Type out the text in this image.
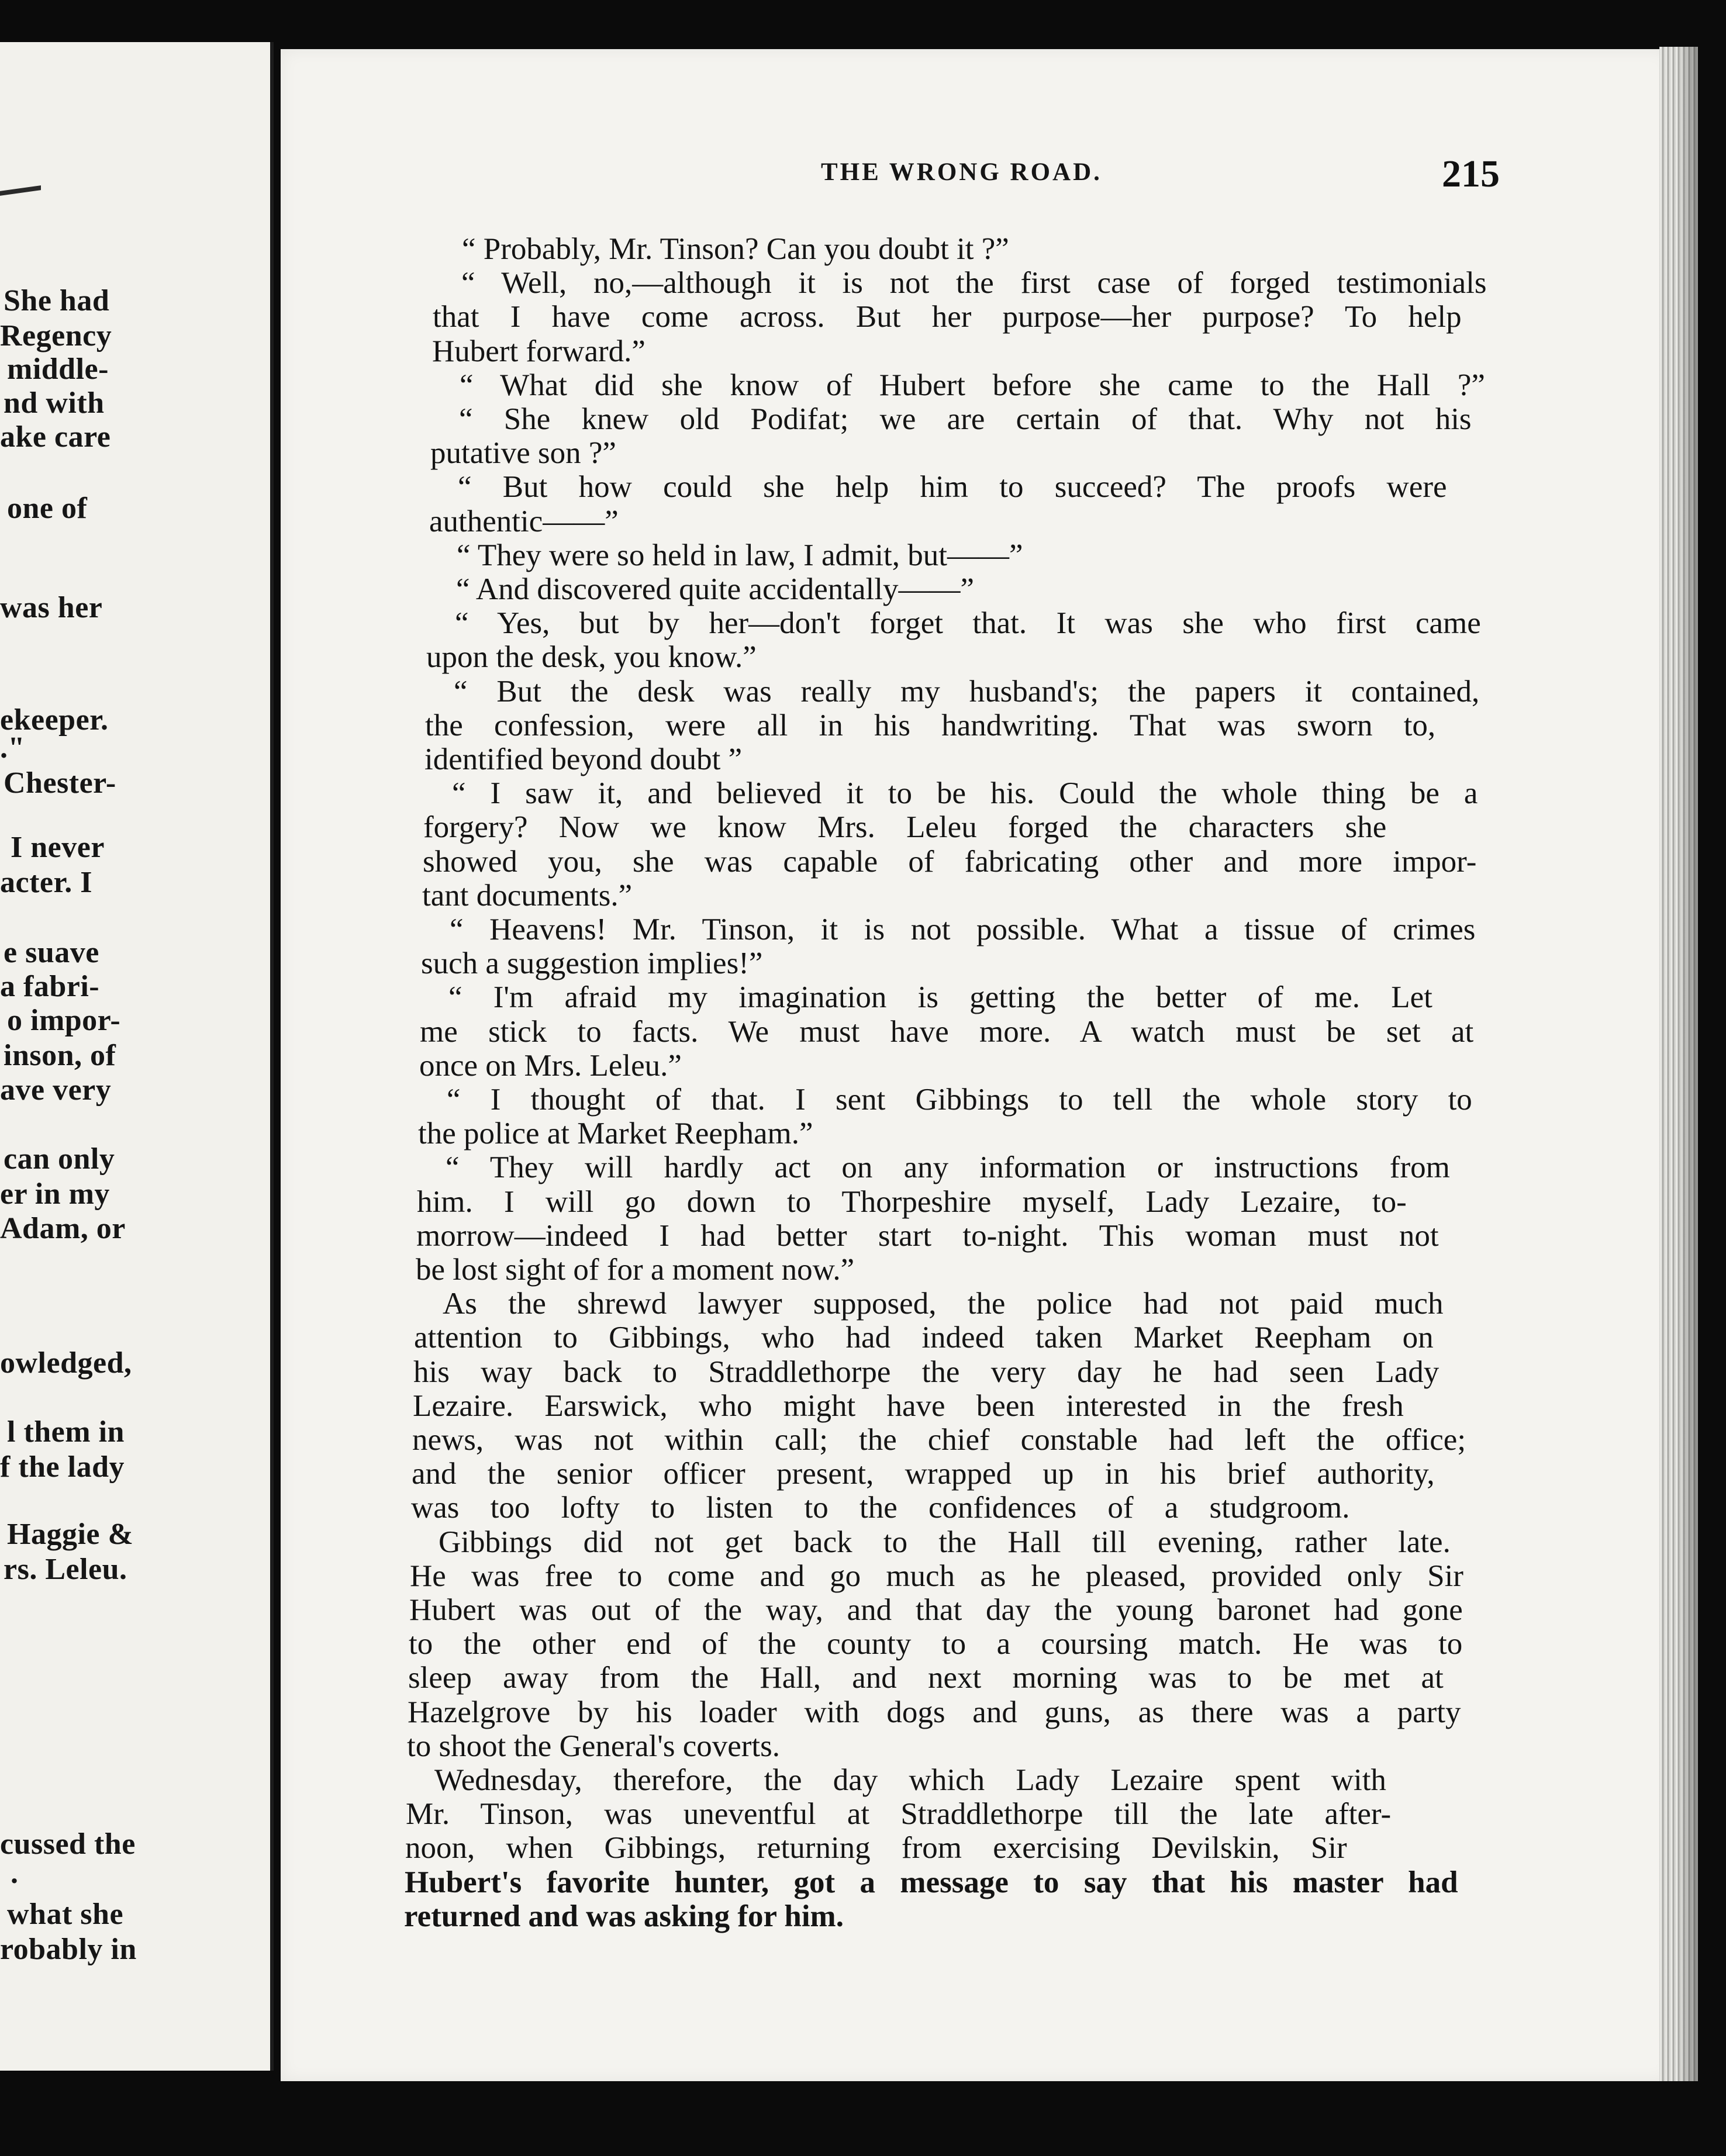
THE WRONG ROAD.	215
She had
Regency
middle-
nd with
ake care
one of
was her
ekeeper.
."
Chester-
I never
acter. I
e suave
a fabri-
o impor-
inson, of
ave very
can only
er in my
Adam, or
owledged,
l them in
f the lady
Haggie &
rs. Leleu.
cussed the
.
what she
robably in
“ Probably, Mr. Tinson? Can you doubt it ?”
“ Well, no,—although it is not the first case of forged testimonials
that I have come across. But her purpose—her purpose? To help
Hubert forward.”
“ What did she know of Hubert before she came to the Hall ?”
“ She knew old Podifat; we are certain of that. Why not his
putative son ?”
“ But how could she help him to succeed? The proofs were
authentic——”
“ They were so held in law, I admit, but——”
“ And discovered quite accidentally——”
“ Yes, but by her—don't forget that. It was she who first came
upon the desk, you know.”
“ But the desk was really my husband's; the papers it contained,
the confession, were all in his handwriting. That was sworn to,
identified beyond doubt ”
“ I saw it, and believed it to be his. Could the whole thing be a
forgery? Now we know Mrs. Leleu forged the characters she
showed you, she was capable of fabricating other and more impor-
tant documents.”
“ Heavens! Mr. Tinson, it is not possible. What a tissue of crimes
such a suggestion implies!”
“ I'm afraid my imagination is getting the better of me. Let
me stick to facts. We must have more. A watch must be set at
once on Mrs. Leleu.”
“ I thought of that. I sent Gibbings to tell the whole story to
the police at Market Reepham.”
“ They will hardly act on any information or instructions from
him. I will go down to Thorpeshire myself, Lady Lezaire, to-
morrow—indeed I had better start to-night. This woman must not
be lost sight of for a moment now.”
As the shrewd lawyer supposed, the police had not paid much
attention to Gibbings, who had indeed taken Market Reepham on
his way back to Straddlethorpe the very day he had seen Lady
Lezaire. Earswick, who might have been interested in the fresh
news, was not within call; the chief constable had left the office;
and the senior officer present, wrapped up in his brief authority,
was too lofty to listen to the confidences of a studgroom.
Gibbings did not get back to the Hall till evening, rather late.
He was free to come and go much as he pleased, provided only Sir
Hubert was out of the way, and that day the young baronet had gone
to the other end of the county to a coursing match. He was to
sleep away from the Hall, and next morning was to be met at
Hazelgrove by his loader with dogs and guns, as there was a party
to shoot the General's coverts.
Wednesday, therefore, the day which Lady Lezaire spent with
Mr. Tinson, was uneventful at Straddlethorpe till the late after-
noon, when Gibbings, returning from exercising Devilskin, Sir
Hubert's favorite hunter, got a message to say that his master had
returned and was asking for him.
